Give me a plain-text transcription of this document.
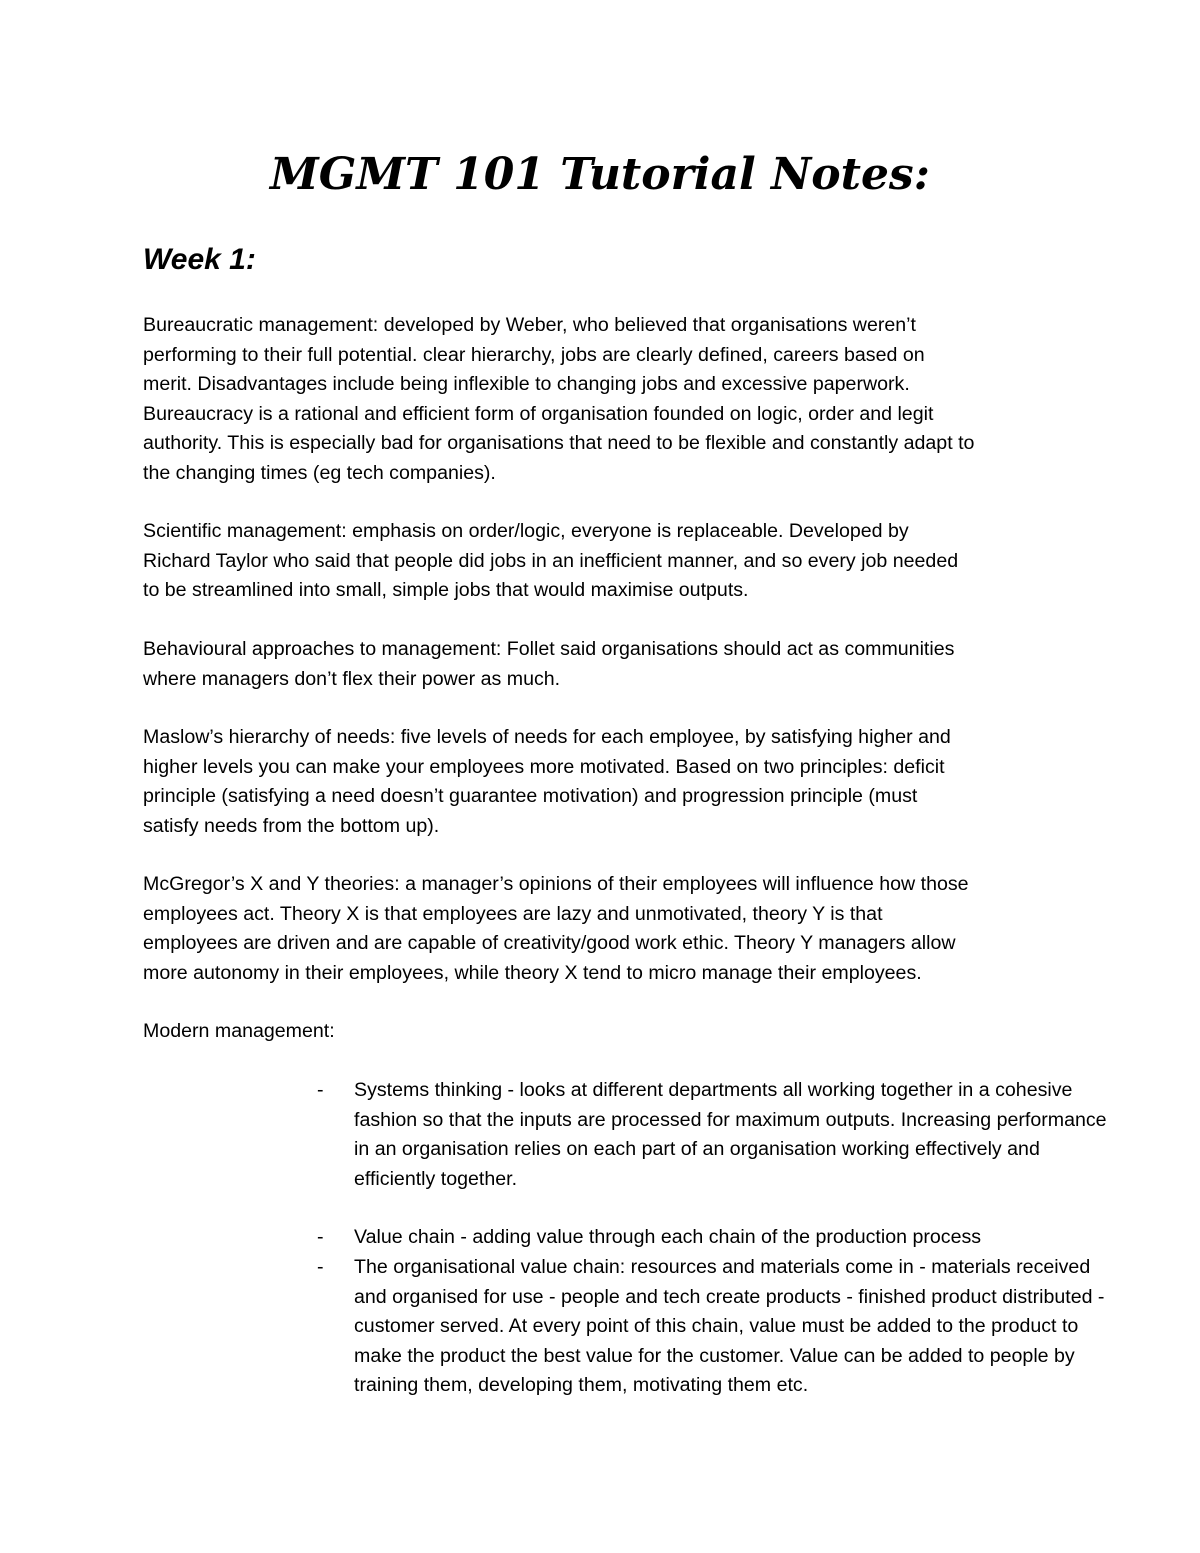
MGMT 101 Tutorial Notes:
Week 1:

Bureaucratic management: developed by Weber, who believed that organisations weren’t
performing to their full potential. clear hierarchy, jobs are clearly defined, careers based on
merit. Disadvantages include being inflexible to changing jobs and excessive paperwork.
Bureaucracy is a rational and efficient form of organisation founded on logic, order and legit
authority. This is especially bad for organisations that need to be flexible and constantly adapt to
the changing times (eg tech companies).

Scientific management: emphasis on order/logic, everyone is replaceable. Developed by
Richard Taylor who said that people did jobs in an inefficient manner, and so every job needed
to be streamlined into small, simple jobs that would maximise outputs.

Behavioural approaches to management: Follet said organisations should act as communities
where managers don’t flex their power as much.

Maslow’s hierarchy of needs: five levels of needs for each employee, by satisfying higher and
higher levels you can make your employees more motivated. Based on two principles: deficit
principle (satisfying a need doesn’t guarantee motivation) and progression principle (must
satisfy needs from the bottom up).

McGregor’s X and Y theories: a manager’s opinions of their employees will influence how those
employees act. Theory X is that employees are lazy and unmotivated, theory Y is that
employees are driven and are capable of creativity/good work ethic. Theory Y managers allow
more autonomy in their employees, while theory X tend to micro manage their employees.

Modern management:

- Systems thinking - looks at different departments all working together in a cohesive
fashion so that the inputs are processed for maximum outputs. Increasing performance
in an organisation relies on each part of an organisation working effectively and
efficiently together.
- Value chain - adding value through each chain of the production process
- The organisational value chain: resources and materials come in - materials received
and organised for use - people and tech create products - finished product distributed -
customer served. At every point of this chain, value must be added to the product to
make the product the best value for the customer. Value can be added to people by
training them, developing them, motivating them etc.
